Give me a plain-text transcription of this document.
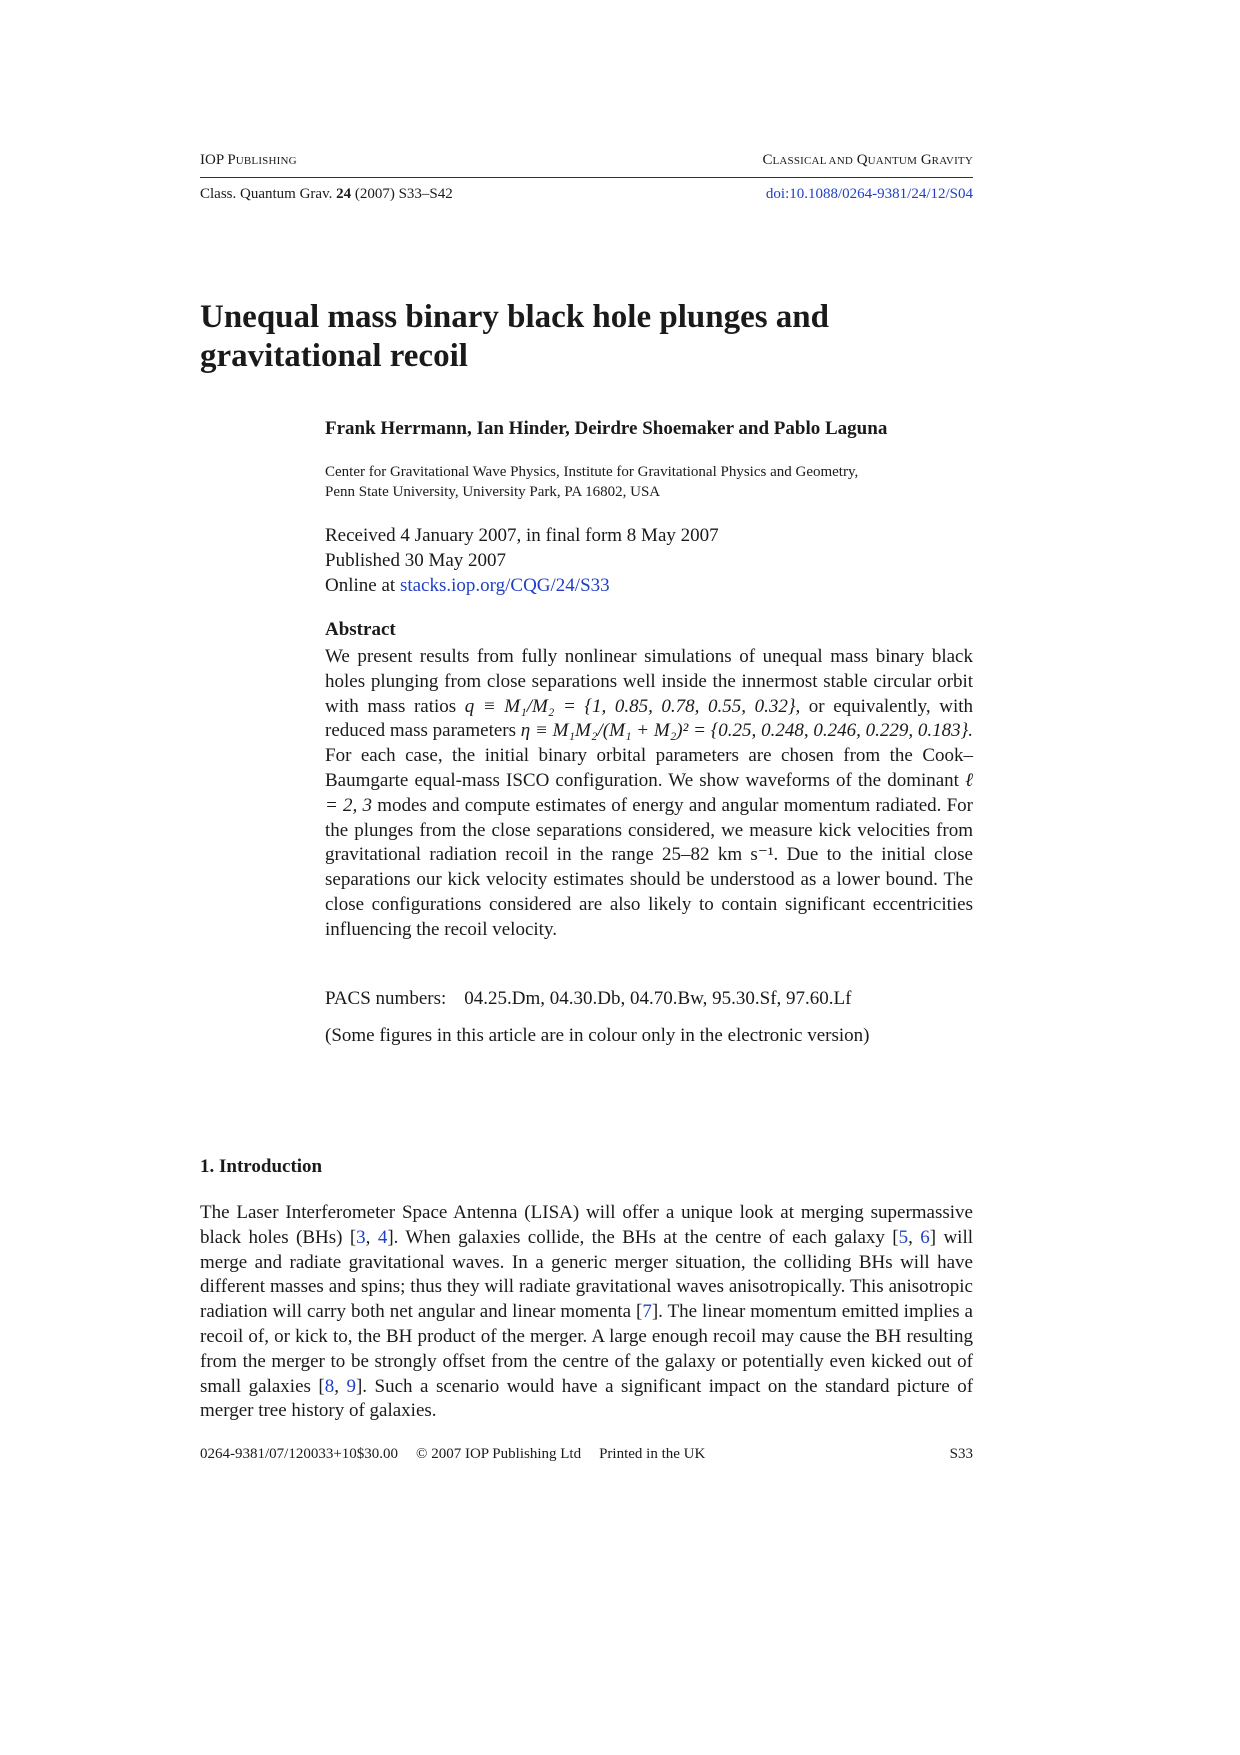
IOP PUBLISHING	CLASSICAL AND QUANTUM GRAVITY
Class. Quantum Grav. 24 (2007) S33–S42	doi:10.1088/0264-9381/24/12/S04
Unequal mass binary black hole plunges and gravitational recoil
Frank Herrmann, Ian Hinder, Deirdre Shoemaker and Pablo Laguna
Center for Gravitational Wave Physics, Institute for Gravitational Physics and Geometry,
Penn State University, University Park, PA 16802, USA
Received 4 January 2007, in final form 8 May 2007
Published 30 May 2007
Online at stacks.iop.org/CQG/24/S33
Abstract
We present results from fully nonlinear simulations of unequal mass binary black holes plunging from close separations well inside the innermost stable circular orbit with mass ratios q ≡ M₁/M₂ = {1, 0.85, 0.78, 0.55, 0.32}, or equivalently, with reduced mass parameters η ≡ M₁M₂/(M₁ + M₂)² = {0.25, 0.248, 0.246, 0.229, 0.183}. For each case, the initial binary orbital parameters are chosen from the Cook–Baumgarte equal-mass ISCO configuration. We show waveforms of the dominant ℓ = 2, 3 modes and compute estimates of energy and angular momentum radiated. For the plunges from the close separations considered, we measure kick velocities from gravitational radiation recoil in the range 25–82 km s⁻¹. Due to the initial close separations our kick velocity estimates should be understood as a lower bound. The close configurations considered are also likely to contain significant eccentricities influencing the recoil velocity.
PACS numbers: 04.25.Dm, 04.30.Db, 04.70.Bw, 95.30.Sf, 97.60.Lf
(Some figures in this article are in colour only in the electronic version)
1. Introduction
The Laser Interferometer Space Antenna (LISA) will offer a unique look at merging supermassive black holes (BHs) [3, 4]. When galaxies collide, the BHs at the centre of each galaxy [5, 6] will merge and radiate gravitational waves. In a generic merger situation, the colliding BHs will have different masses and spins; thus they will radiate gravitational waves anisotropically. This anisotropic radiation will carry both net angular and linear momenta [7]. The linear momentum emitted implies a recoil of, or kick to, the BH product of the merger. A large enough recoil may cause the BH resulting from the merger to be strongly offset from the centre of the galaxy or potentially even kicked out of small galaxies [8, 9]. Such a scenario would have a significant impact on the standard picture of merger tree history of galaxies.
0264-9381/07/120033+10$30.00 © 2007 IOP Publishing Ltd Printed in the UK	S33
